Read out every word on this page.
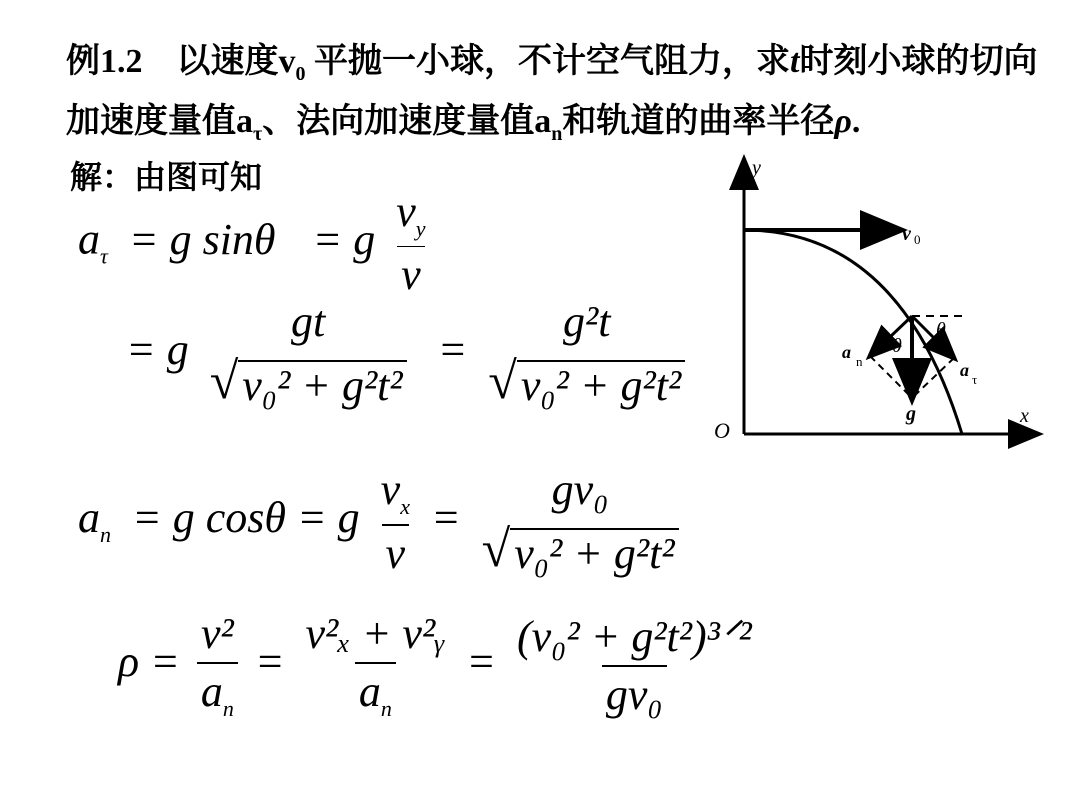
例1.2　以速度$v_0$ 平抛一小球，不计空气阻力，求t时刻小球的切向加速度量值$a_\tau$、法向加速度量值$a_n$和轨道的曲率半径ρ.
解：由图可知
$a_\tau = g$ sinθ = g $\frac{\nu_y}{\nu}$
= g
gt
√ ν₀² + g²t²
=
g²t
√ ν₀² + g²t²
$a_n = g$ cosθ = g $\frac{\nu_x}{\nu}$ =
gν₀
√ ν₀² + g²t²
$\rho = \frac{\text{v²}}{a_n} = \frac{\text{v²ₓ + v²ᵧ}}{a_n} = \frac{\text{(ν₀² + g²t²)³ᐟ²}}{\text{gv₀}}$
y
x
O
v 0
g
a τ
a n
θ
θ
